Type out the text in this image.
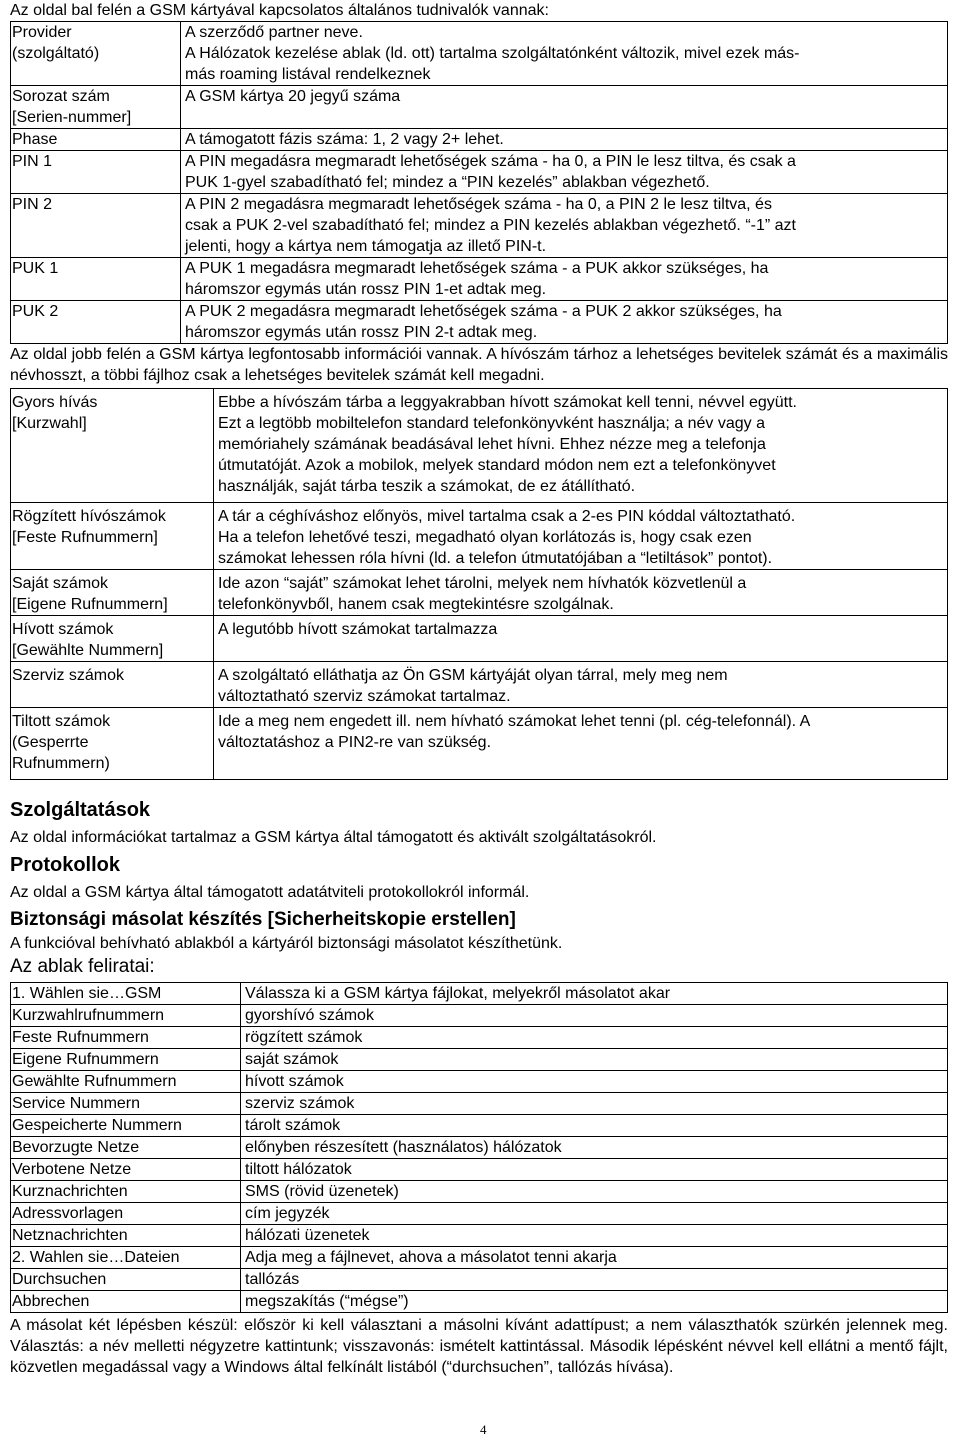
Az oldal bal felén a GSM kártyával kapcsolatos általános tudnivalók vannak:

Provider
(szolgáltató)	A szerződő partner neve.
A Hálózatok kezelése ablak (ld. ott) tartalma szolgáltatónként változik, mivel ezek más-
más roaming listával rendelkeznek
Sorozat szám
[Serien-nummer]	A GSM kártya 20 jegyű száma
Phase	A támogatott fázis száma: 1, 2 vagy 2+ lehet.
PIN 1	A PIN megadásra megmaradt lehetőségek száma - ha 0, a PIN le lesz tiltva, és csak a
PUK 1-gyel szabadítható fel; mindez a “PIN kezelés” ablakban végezhető.
PIN 2	A PIN 2 megadásra megmaradt lehetőségek száma - ha 0, a PIN 2 le lesz tiltva, és
csak a PUK 2-vel szabadítható fel; mindez a PIN kezelés ablakban végezhető. “-1” azt
jelenti, hogy a kártya nem támogatja az illető PIN-t.
PUK 1	A PUK 1 megadásra megmaradt lehetőségek száma - a PUK akkor szükséges, ha
háromszor egymás után rossz PIN 1-et adtak meg.
PUK 2	A PUK 2 megadásra megmaradt lehetőségek száma - a PUK 2 akkor szükséges, ha
háromszor egymás után rossz PIN 2-t adtak meg.

Az oldal jobb felén a GSM kártya legfontosabb információi vannak. A hívószám tárhoz a lehetséges bevitelek számát és a maximális névhosszt, a többi fájlhoz csak a lehetséges bevitelek számát kell megadni.

Gyors hívás
[Kurzwahl]	Ebbe a hívószám tárba a leggyakrabban hívott számokat kell tenni, névvel együtt.
Ezt a legtöbb mobiltelefon standard telefonkönyvként használja; a név vagy a
memóriahely számának beadásával lehet hívni. Ehhez nézze meg a telefonja
útmutatóját. Azok a mobilok, melyek standard módon nem ezt a telefonkönyvet
használják, saját tárba teszik a számokat, de ez átállítható.
Rögzített hívószámok
[Feste Rufnummern]	A tár a céghíváshoz előnyös, mivel tartalma csak a 2-es PIN kóddal változtatható.
Ha a telefon lehetővé teszi, megadható olyan korlátozás is, hogy csak ezen
számokat lehessen róla hívni (ld. a telefon útmutatójában a “letiltások” pontot).
Saját számok
[Eigene Rufnummern]	Ide azon “saját” számokat lehet tárolni, melyek nem hívhatók közvetlenül a
telefonkönyvből, hanem csak megtekintésre szolgálnak.
Hívott számok
[Gewählte Nummern]	A legutóbb hívott számokat tartalmazza
Szerviz számok	A szolgáltató elláthatja az Ön GSM kártyáját olyan tárral, mely meg nem
változtatható szerviz számokat tartalmaz.
Tiltott számok
(Gesperrte
Rufnummern)	Ide a meg nem engedett ill. nem hívható számokat lehet tenni (pl. cég-telefonnál). A
változtatáshoz a PIN2-re van szükség.

Szolgáltatások

Az oldal információkat tartalmaz a GSM kártya által támogatott és aktivált szolgáltatásokról.

Protokollok

Az oldal a GSM kártya által támogatott adatátviteli protokollokról informál.

Biztonsági másolat készítés [Sicherheitskopie erstellen]

A funkcióval behívható ablakból a kártyáról biztonsági másolatot készíthetünk.

Az ablak feliratai:

1. Wählen sie…GSM	Válassza ki a GSM kártya fájlokat, melyekről másolatot akar
Kurzwahlrufnummern	gyorshívó számok
Feste Rufnummern	rögzített számok
Eigene Rufnummern	saját számok
Gewählte Rufnummern	hívott számok
Service Nummern	szerviz számok
Gespeicherte Nummern	tárolt számok
Bevorzugte Netze	előnyben részesített (használatos) hálózatok
Verbotene Netze	tiltott hálózatok
Kurznachrichten	SMS (rövid üzenetek)
Adressvorlagen	cím jegyzék
Netznachrichten	hálózati üzenetek
2. Wahlen sie…Dateien	Adja meg a fájlnevet, ahova a másolatot tenni akarja
Durchsuchen	tallózás
Abbrechen	megszakítás (“mégse”)

A másolat két lépésben készül: először ki kell választani a másolni kívánt adattípust; a nem választhatók szürkén jelennek meg. Választás: a név melletti négyzetre kattintunk; visszavonás: ismételt kattintással. Második lépésként névvel kell ellátni a mentő fájlt, közvetlen megadással vagy a Windows által felkínált listából (“durchsuchen”, tallózás hívása).

4
